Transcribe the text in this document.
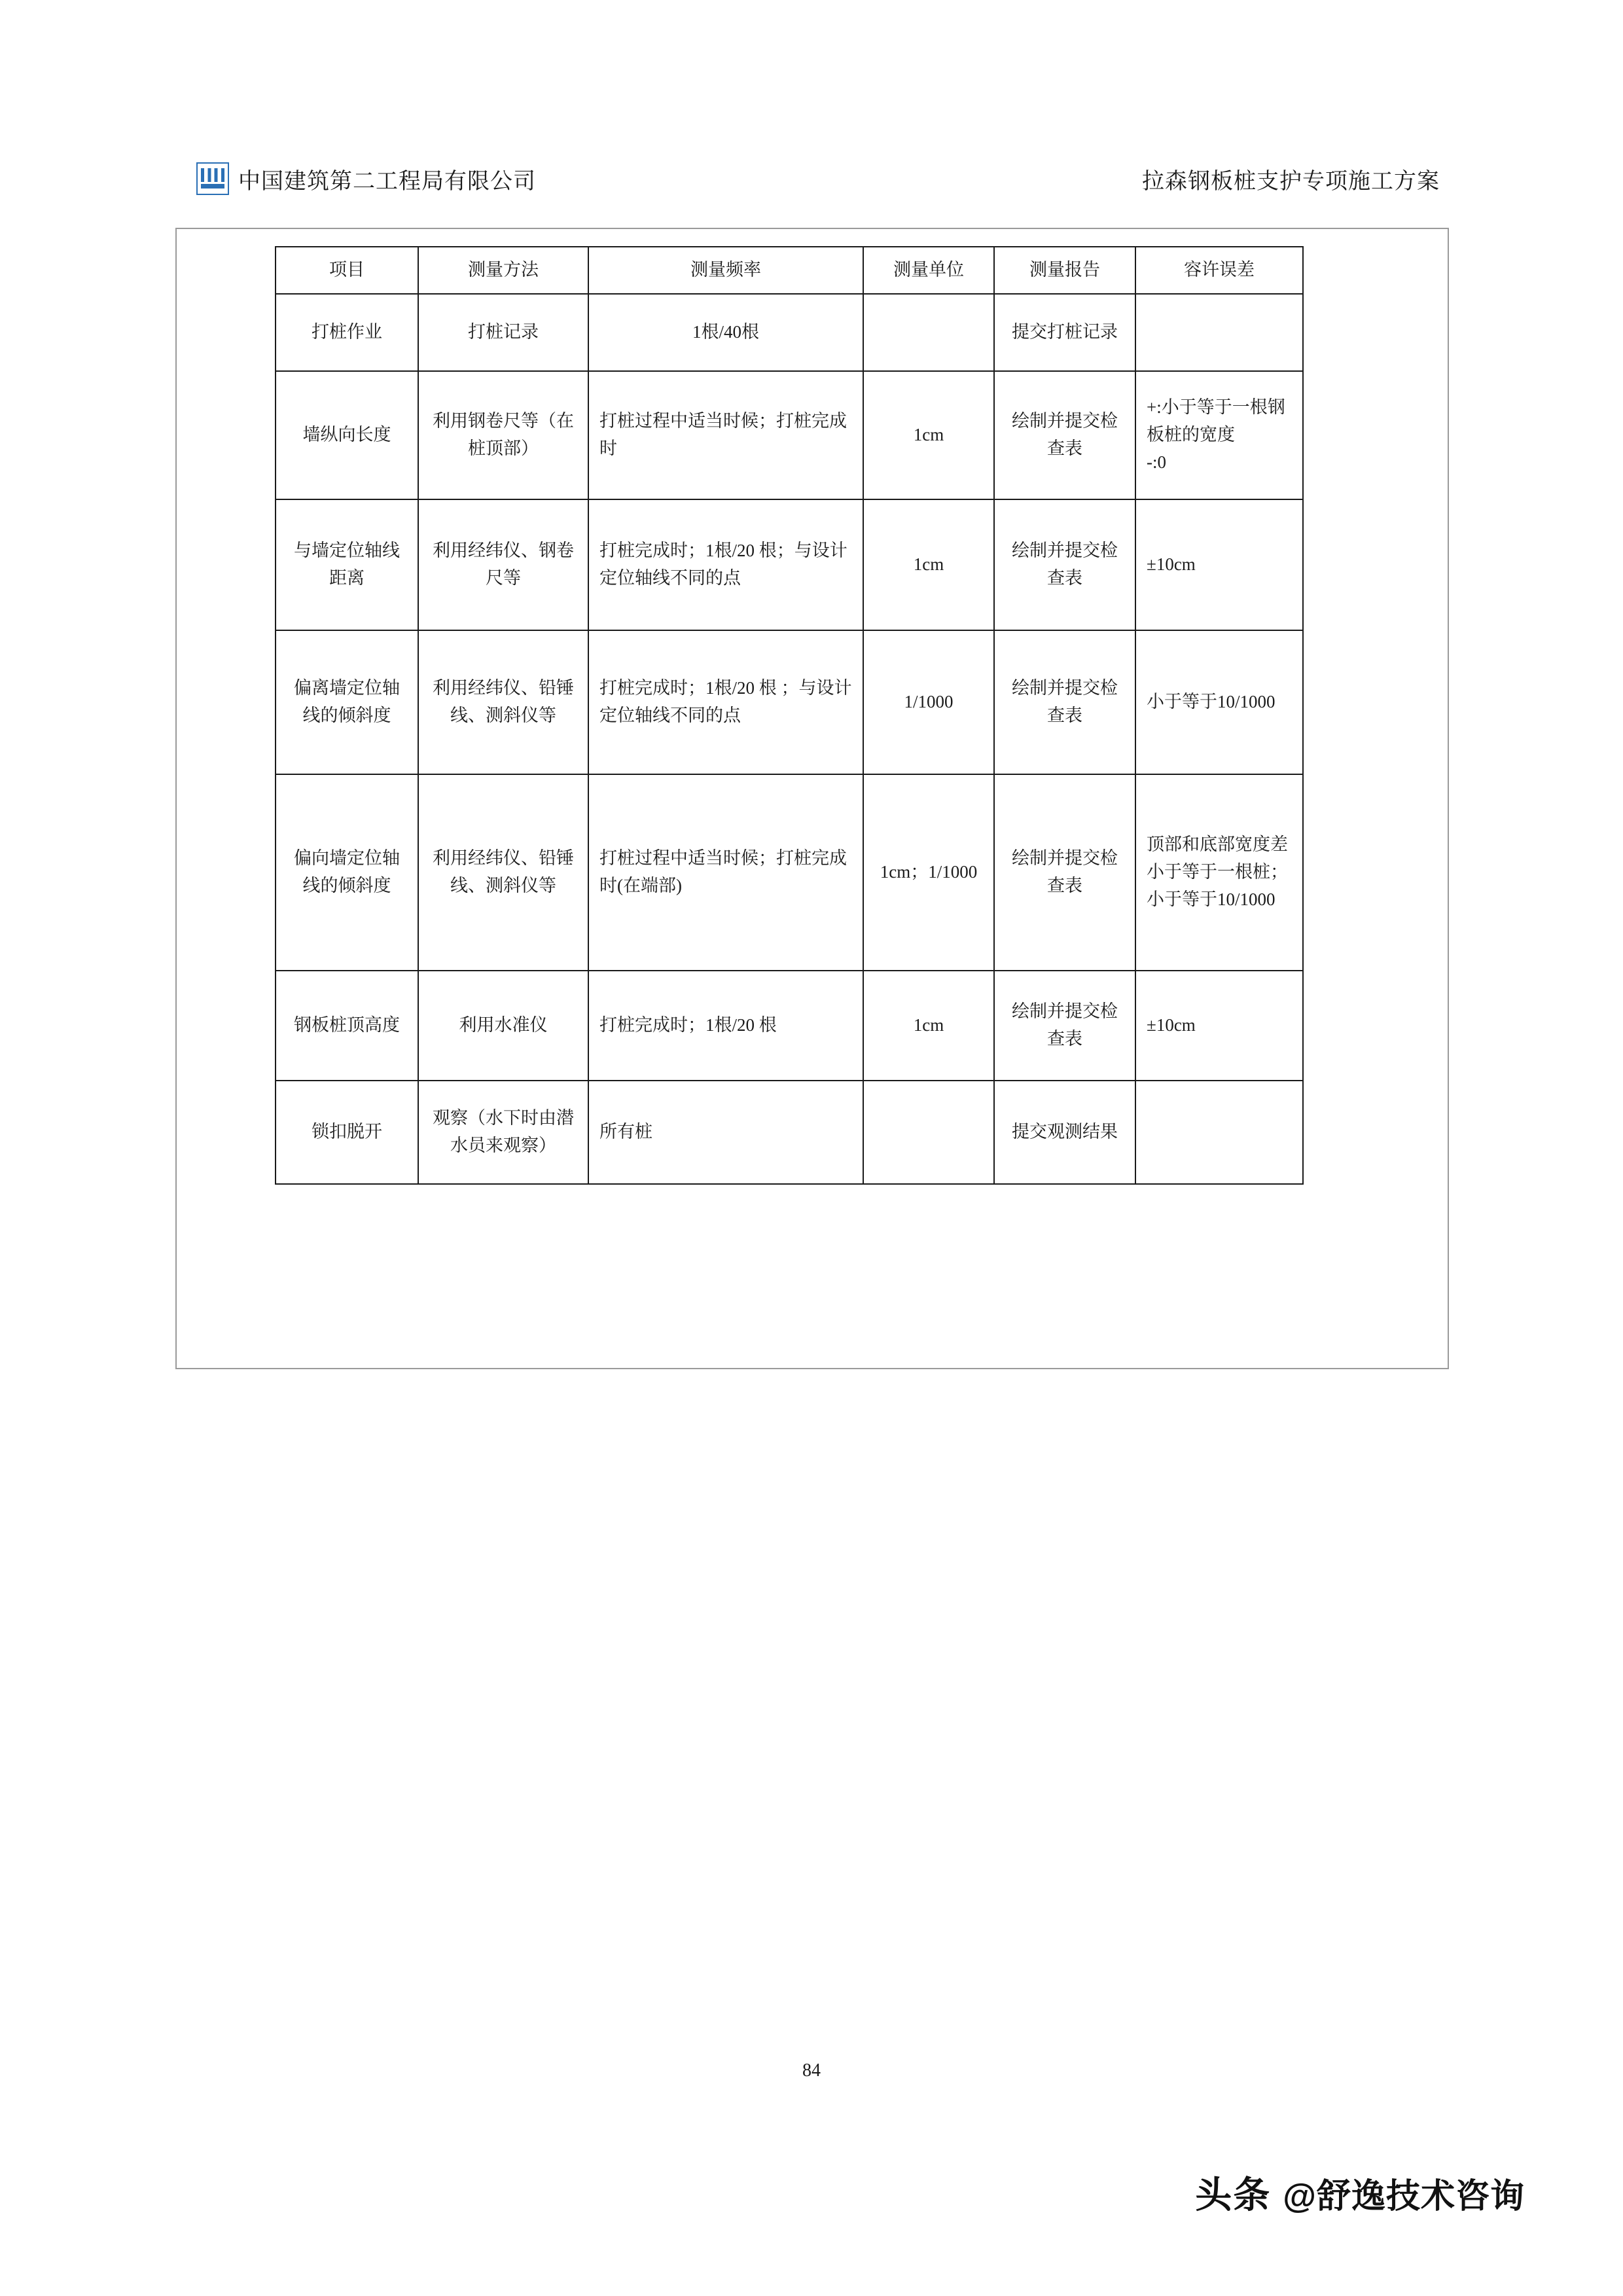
中国建筑第二工程局有限公司	拉森钢板桩支护专项施工方案
项目	测量方法	测量频率	测量单位	测量报告	容许误差
打桩作业	打桩记录	1根/40根		提交打桩记录	
墙纵向长度	利用钢卷尺等（在桩顶部）	打桩过程中适当时候；打桩完成时	1cm	绘制并提交检查表	+:小于等于一根钢板桩的宽度
-:0

与墙定位轴线距离	利用经纬仪、钢卷尺等	打桩完成时；1根/20 根；与设计定位轴线不同的点	1cm	绘制并提交检查表	±10cm
偏离墙定位轴线的倾斜度	利用经纬仪、铅锤线、测斜仪等	打桩完成时；1根/20 根 ；与设计定位轴线不同的点	1/1000	绘制并提交检查表	小于等于10/1000
偏向墙定位轴线的倾斜度	利用经纬仪、铅锤线、测斜仪等	打桩过程中适当时候；打桩完成时(在端部)	1cm；1/1000	绘制并提交检查表	顶部和底部宽度差小于等于一根桩；小于等于10/1000
钢板桩顶高度	利用水准仪	打桩完成时；1根/20 根	1cm	绘制并提交检查表	±10cm
锁扣脱开	观察（水下时由潜水员来观察）	所有桩		提交观测结果	
84
头条 @舒逸技术咨询
